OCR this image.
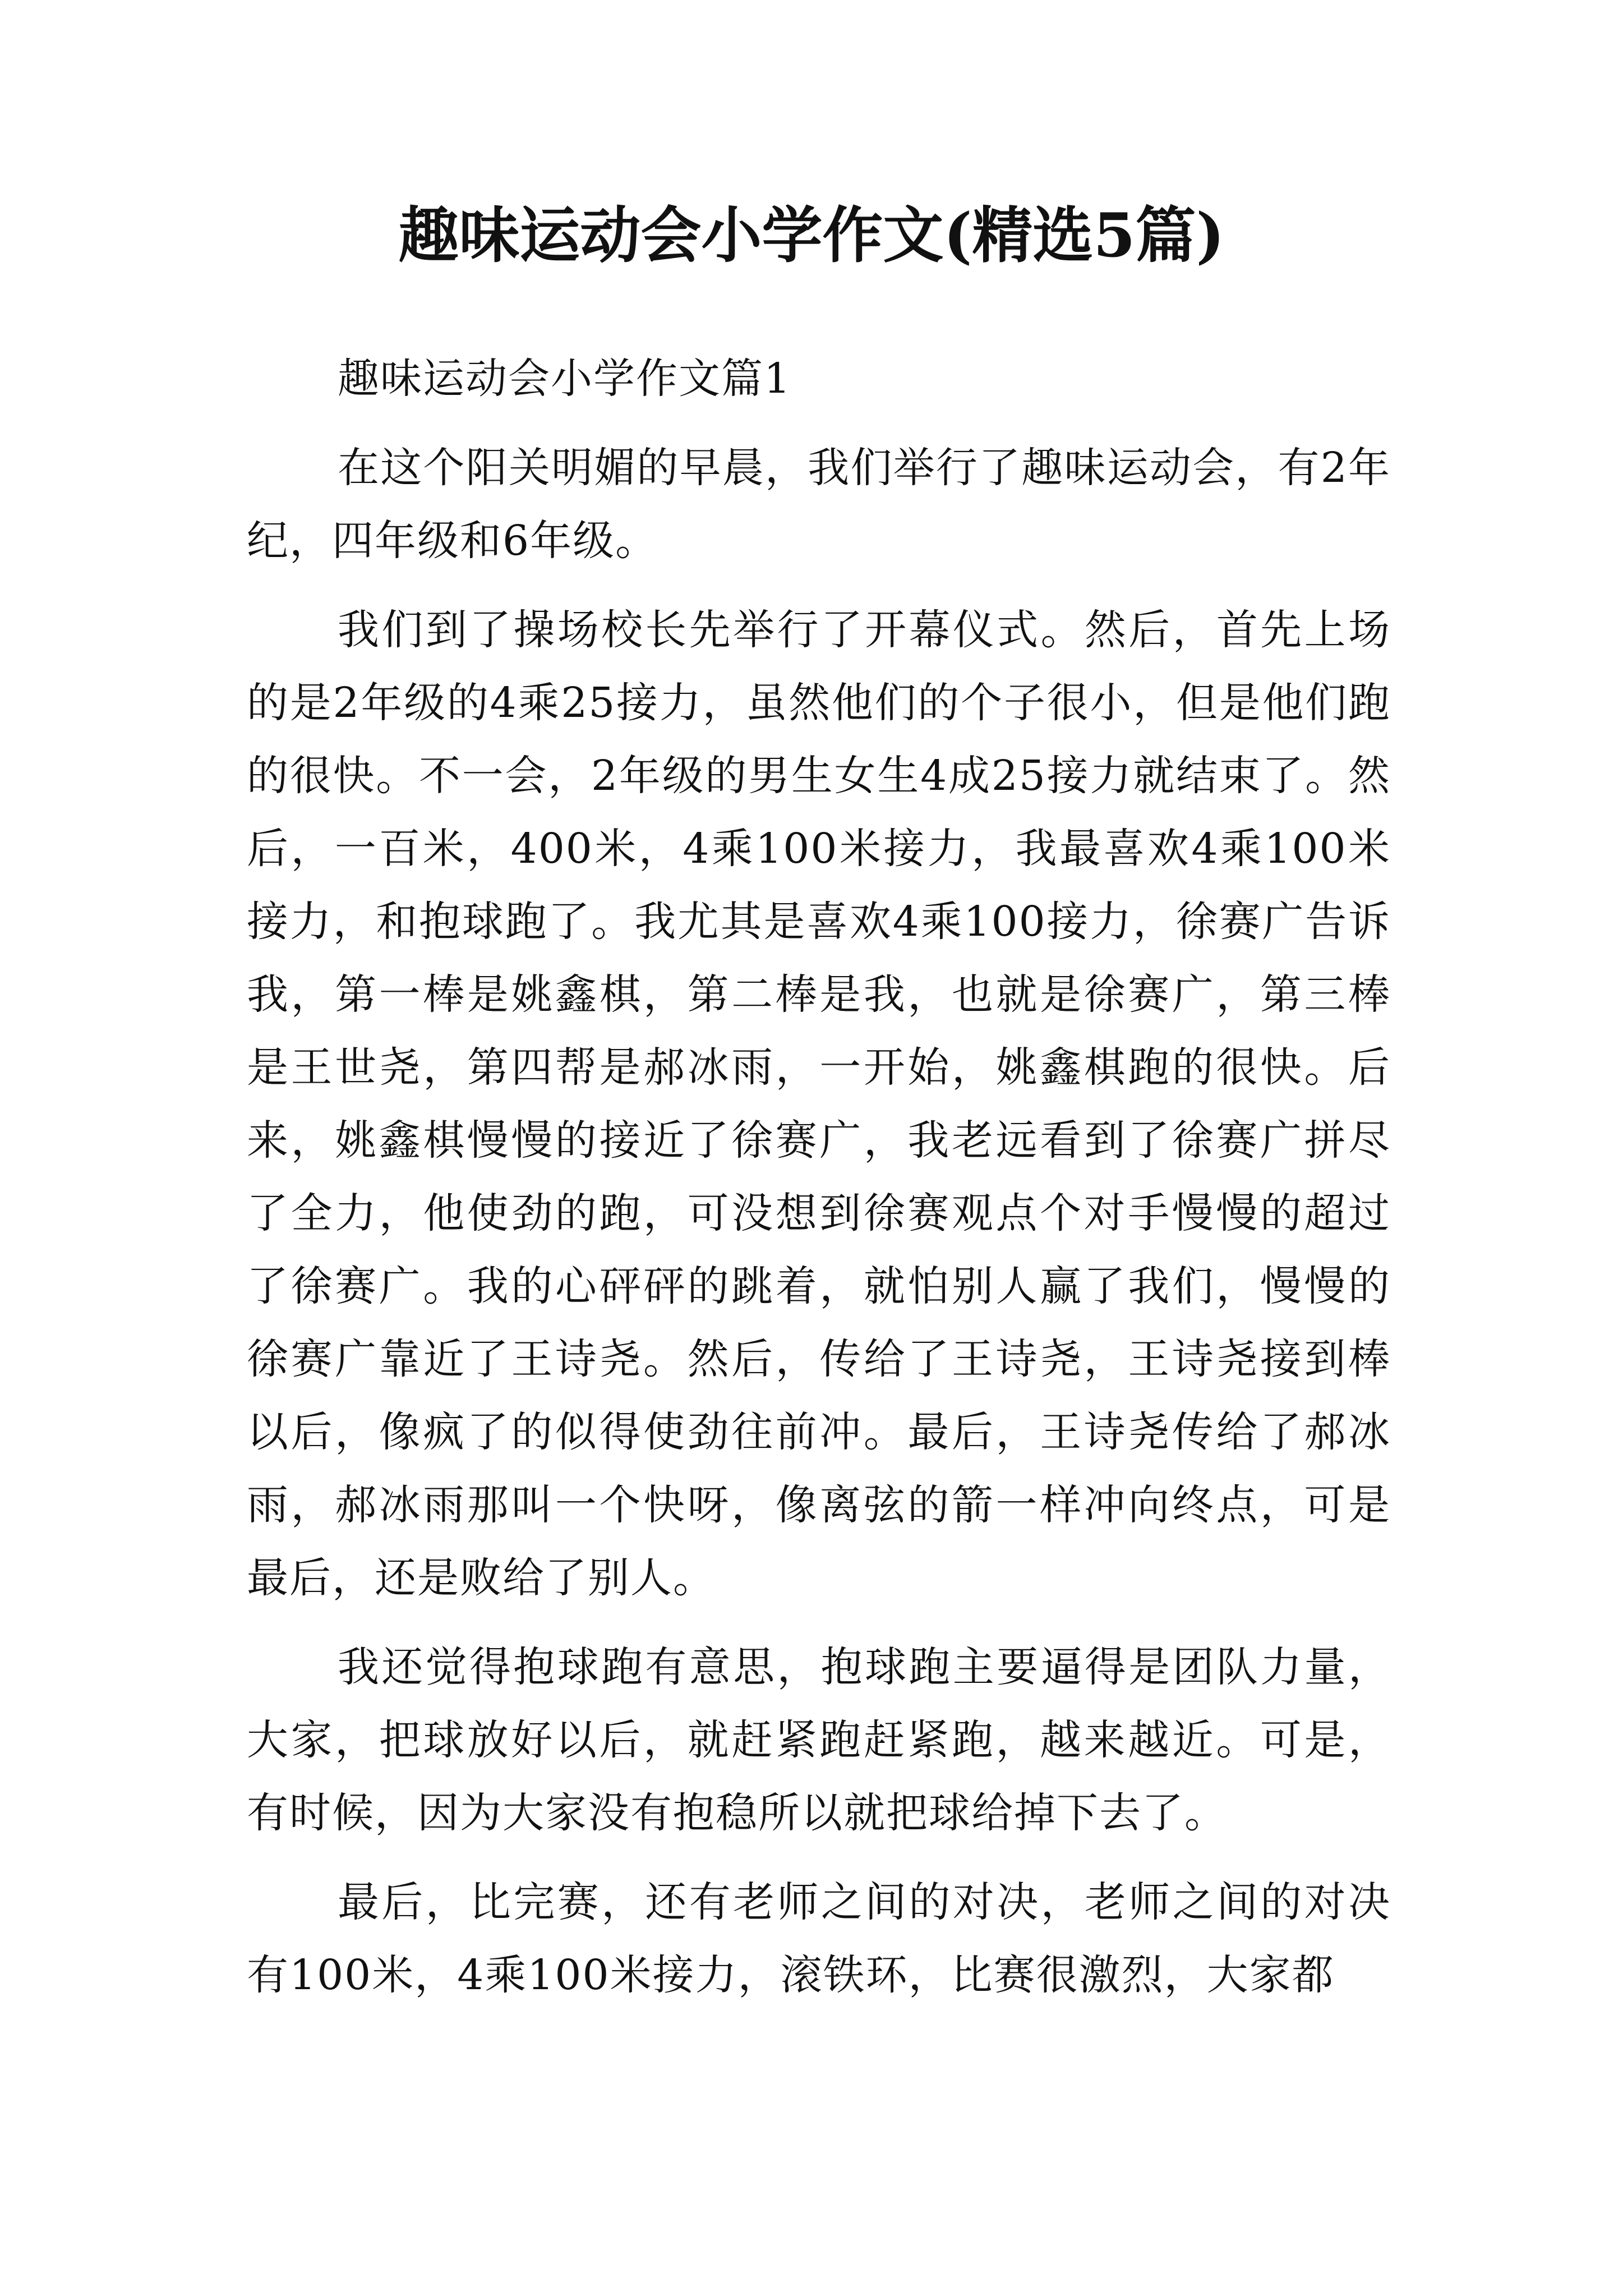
趣味运动会小学作文(精选5篇)

趣味运动会小学作文篇1

在这个阳关明媚的早晨，我们举行了趣味运动会，有2年纪，四年级和6年级。

我们到了操场校长先举行了开幕仪式。然后，首先上场的是2年级的4乘25接力，虽然他们的个子很小，但是他们跑的很快。不一会，2年级的男生女生4成25接力就结束了。然后，一百米，400米，4乘100米接力，我最喜欢4乘100米接力，和抱球跑了。我尤其是喜欢4乘100接力，徐赛广告诉我，第一棒是姚鑫棋，第二棒是我，也就是徐赛广，第三棒是王世尧，第四帮是郝冰雨，一开始，姚鑫棋跑的很快。后来，姚鑫棋慢慢的接近了徐赛广，我老远看到了徐赛广拼尽了全力，他使劲的跑，可没想到徐赛观点个对手慢慢的超过了徐赛广。我的心砰砰的跳着，就怕别人赢了我们，慢慢的徐赛广靠近了王诗尧。然后，传给了王诗尧，王诗尧接到棒以后，像疯了的似得使劲往前冲。最后，王诗尧传给了郝冰雨，郝冰雨那叫一个快呀，像离弦的箭一样冲向终点，可是最后，还是败给了别人。

我还觉得抱球跑有意思，抱球跑主要逼得是团队力量，大家，把球放好以后，就赶紧跑赶紧跑，越来越近。可是，有时候，因为大家没有抱稳所以就把球给掉下去了。

最后，比完赛，还有老师之间的对决，老师之间的对决有100米，4乘100米接力，滚铁环，比赛很激烈，大家都
